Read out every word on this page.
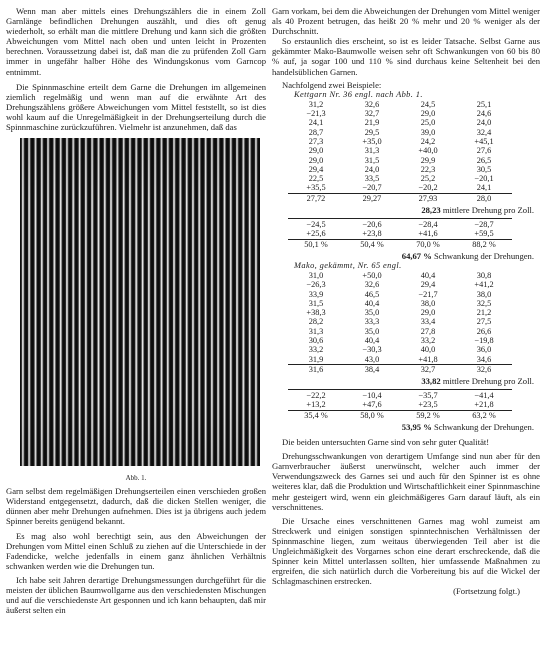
Wenn man aber mittels eines Drehungszählers die in einem Zoll Garnlänge befindlichen Drehungen auszählt, und dies oft genug wiederholt, so erhält man die mittlere Drehung und kann sich die größten Abweichungen vom Mittel nach oben und unten leicht in Prozenten berechnen. Voraussetzung dabei ist, daß man die zu prüfenden Zoll Garn immer in ungefähr halber Höhe des Windungskonus vom Garncop entnimmt.

Die Spinnmaschine erteilt dem Garne die Drehungen im allgemeinen ziemlich regelmäßig und wenn man auf die erwähnte Art des Drehungszählens größere Abweichungen vom Mittel feststellt, so ist dies wohl kaum auf die Unregelmäßigkeit in der Drehungserteilung durch die Spinnmaschine zurückzuführen. Vielmehr ist anzunehmen, daß das

Abb. 1.

Garn selbst dem regelmäßigen Drehungserteilen einen verschieden großen Widerstand entgegensetzt, dadurch, daß die dicken Stellen weniger, die dünnen aber mehr Drehungen aufnehmen. Dies ist ja übrigens auch jedem Spinner bereits genügend bekannt.

Es mag also wohl berechtigt sein, aus den Abweichungen der Drehungen vom Mittel einen Schluß zu ziehen auf die Unterschiede in der Fadendicke, welche jedenfalls in einem ganz ähnlichen Verhältnis schwanken werden wie die Drehungen tun.

Ich habe seit Jahren derartige Drehungsmessungen durchgeführt für die meisten der üblichen Baumwollgarne aus den verschiedensten Mischungen und auf die verschiedenste Art gesponnen und ich kann behaupten, daß mir äußerst selten ein

Garn vorkam, bei dem die Abweichungen der Drehungen vom Mittel weniger als 40 Prozent betrugen, das heißt 20 % mehr und 20 % weniger als der Durchschnitt.

So erstaunlich dies erscheint, so ist es leider Tatsache. Selbst Garne aus gekämmter Mako-Baumwolle weisen sehr oft Schwankungen von 60 bis 80 % auf, ja sogar 100 und 110 % sind durchaus keine Seltenheit bei den handelsüblichen Garnen.

Nachfolgend zwei Beispiele:

Kettgarn Nr. 36 engl. nach Abb. 1.
31,2	32,6	24,5	25,1
−21,3	32,7	29,0	24,6
24,1	21,9	25,0	24,0
28,7	29,5	39,0	32,4
27,3	+35,0	24,2	+45,1
29,0	31,3	+40,0	27,6
29,0	31,5	29,9	26,5
29,4	24,0	22,3	30,5
22,5	33,5	25,2	−20,1
+35,5	−20,7	−20,2	24,1
27,72	29,27	27,93	28,0
28,23 mittlere Drehung pro Zoll.
−24,5	−20,6	−28,4	−28,7
+25,6	+23,8	+41,6	+59,5
50,1 %	50,4 %	70,0 %	88,2 %
64,67 % Schwankung der Drehungen.
Mako, gekämmt, Nr. 65 engl.
31,0	+50,0	40,4	30,8
−26,3	32,6	29,4	+41,2
33,9	46,5	−21,7	38,0
31,5	40,4	38,0	32,5
+38,3	35,0	29,0	21,2
28,2	33,3	33,4	27,5
31,3	35,0	27,8	26,6
30,6	40,4	33,2	−19,8
33,2	−30,3	40,0	36,0
31,9	43,0	+41,8	34,6
31,6	38,4	32,7	32,6
33,82 mittlere Drehung pro Zoll.
−22,2	−10,4	−35,7	−41,4
+13,2	+47,6	+23,5	+21,8
35,4 %	58,0 %	59,2 %	63,2 %
53,95 % Schwankung der Drehungen.

Die beiden untersuchten Garne sind von sehr guter Qualität!

Drehungsschwankungen von derartigem Umfange sind nun aber für den Garnverbraucher äußerst unerwünscht, welcher auch immer der Verwendungszweck des Garnes sei und auch für den Spinner ist es ohne weiteres klar, daß die Produktion und Wirtschaftlichkeit einer Spinnmaschine mehr gesteigert wird, wenn ein gleichmäßigeres Garn darauf läuft, als ein verschnittenes.

Die Ursache eines verschnittenen Garnes mag wohl zumeist am Streckwerk und einigen sonstigen spinntechnischen Verhältnissen der Spinnmaschine liegen, zum weitaus überwiegenden Teil aber ist die Ungleichmäßigkeit des Vorgarnes schon eine derart erschreckende, daß die Spinner kein Mittel unterlassen sollten, hier umfassende Maßnahmen zu ergreifen, die sich natürlich durch die Vorbereitung bis auf die Wickel der Schlagmaschinen erstrecken.

(Fortsetzung folgt.)
